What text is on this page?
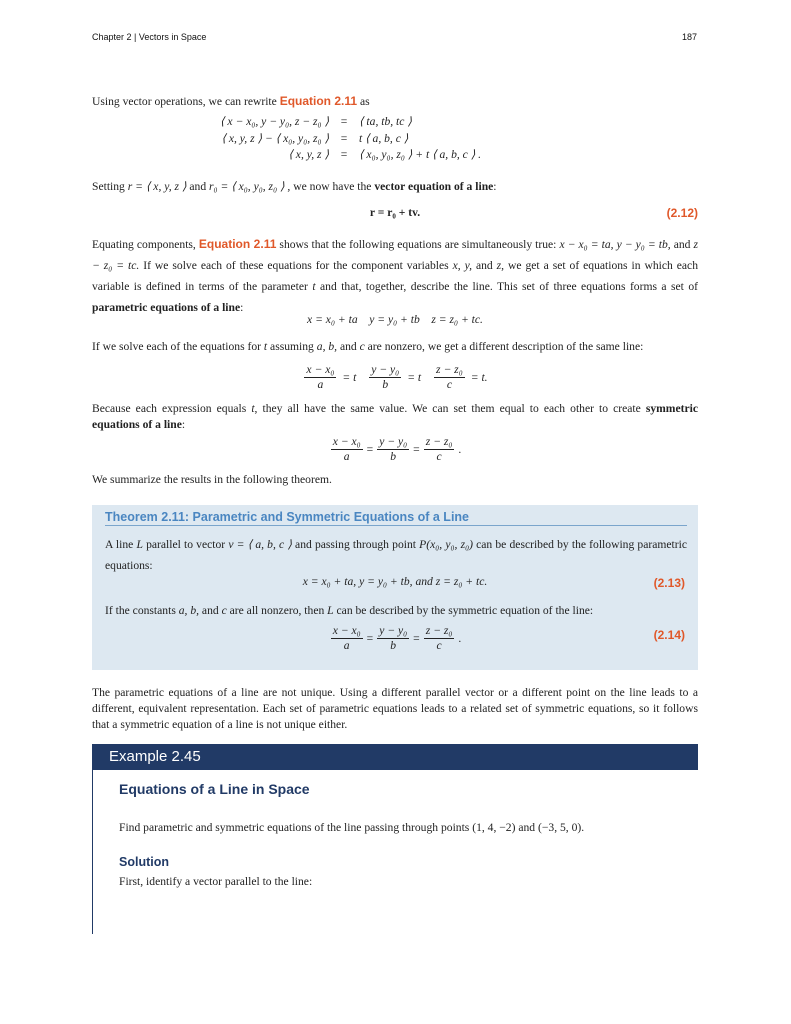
Chapter 2 | Vectors in Space	187
Using vector operations, we can rewrite Equation 2.11 as
⟨ x − x₀, y − y₀, z − z₀ ⟩	=	⟨ ta, tb, tc ⟩
⟨ x, y, z ⟩ − ⟨ x₀, y₀, z₀ ⟩	=	t ⟨ a, b, c ⟩
⟨ x, y, z ⟩	=	⟨ x₀, y₀, z₀ ⟩ + t ⟨ a, b, c ⟩ .
Setting r = ⟨ x, y, z ⟩ and r₀ = ⟨ x₀, y₀, z₀ ⟩ , we now have the vector equation of a line:
r = r₀ + tv.	(2.12)
Equating components, Equation 2.11 shows that the following equations are simultaneously true: x − x₀ = ta, y − y₀ = tb, and z − z₀ = tc. If we solve each of these equations for the component variables x, y, and z, we get a set of equations in which each variable is defined in terms of the parameter t and that, together, describe the line. This set of three equations forms a set of parametric equations of a line:
x = x₀ + ta    y = y₀ + tb    z = z₀ + tc.
If we solve each of the equations for t assuming a, b, and c are nonzero, we get a different description of the same line:
$\frac{\text{x − x₀}}{a} = t$
$\frac{\text{y − y₀}}{b} = t$
$\frac{\text{z − z₀}}{c} = t$.
Because each expression equals t, they all have the same value. We can set them equal to each other to create symmetric equations of a line:
$\frac{\text{x − x₀}}{a} = \frac{\text{y − y₀}}{b} = \frac{\text{z − z₀}}{c}$ .
We summarize the results in the following theorem.
Theorem 2.11: Parametric and Symmetric Equations of a Line
A line L parallel to vector v = ⟨ a, b, c ⟩ and passing through point P(x₀, y₀, z₀) can be described by the following parametric equations:
x = x₀ + ta, y = y₀ + tb, and z = z₀ + tc.	(2.13)
If the constants a, b, and c are all nonzero, then L can be described by the symmetric equation of the line:
$\frac{\text{x − x₀}}{a} = \frac{\text{y − y₀}}{b} = \frac{\text{z − z₀}}{c}$ .	(2.14)
The parametric equations of a line are not unique. Using a different parallel vector or a different point on the line leads to a different, equivalent representation. Each set of parametric equations leads to a related set of symmetric equations, so it follows that a symmetric equation of a line is not unique either.
Example 2.45
Equations of a Line in Space
Find parametric and symmetric equations of the line passing through points (1, 4, −2) and (−3, 5, 0).
Solution
First, identify a vector parallel to the line:
